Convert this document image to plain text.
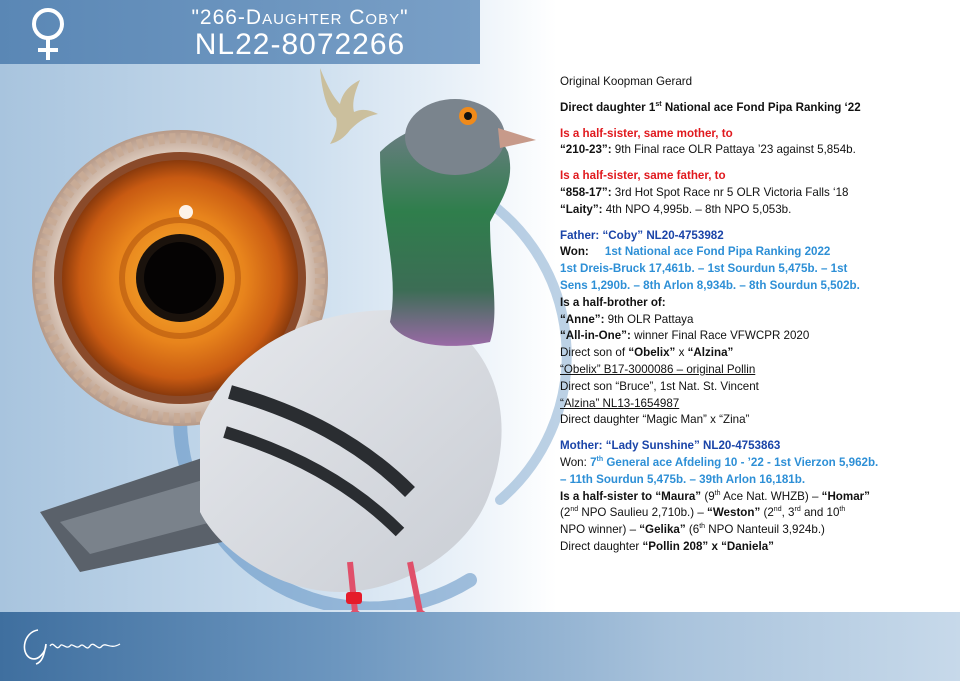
"266-Daughter Coby"
NL22-8072266

Original Koopman Gerard

Direct daughter 1st National ace Fond Pipa Ranking ‘22

Is a half-sister, same mother, to

“210-23”: 9th Final race OLR Pattaya ’23 against 5,854b.

Is a half-sister, same father, to

“858-17”: 3rd Hot Spot Race nr 5 OLR Victoria Falls ‘18

“Laity”: 4th NPO 4,995b. – 8th NPO 5,053b.

Father: “Coby” NL20-4753982

Won: 1st National ace Fond Pipa Ranking 2022

1st Dreis-Bruck 17,461b. – 1st Sourdun 5,475b. – 1st

Sens 1,290b. – 8th Arlon 8,934b. – 8th Sourdun 5,502b.

Is a half-brother of:

“Anne”: 9th OLR Pattaya

“All-in-One”: winner Final Race VFWCPR 2020

Direct son of “Obelix” x “Alzina”

“Obelix” B17-3000086 – original Pollin

Direct son “Bruce”, 1st Nat. St. Vincent

“Alzina” NL13-1654987

Direct daughter “Magic Man” x “Zina”

Mother: “Lady Sunshine” NL20-4753863

Won: 7th General ace Afdeling 10 - ’22 - 1st Vierzon 5,962b.

– 11th Sourdun 5,475b. – 39th Arlon 16,181b.

Is a half-sister to “Maura” (9th Ace Nat. WHZB) – “Homar”

(2nd NPO Saulieu 2,710b.) – “Weston” (2nd, 3rd and 10th

NPO winner) – “Gelika” (6th NPO Nanteuil 3,924b.)

Direct daughter “Pollin 208” x “Daniela”
